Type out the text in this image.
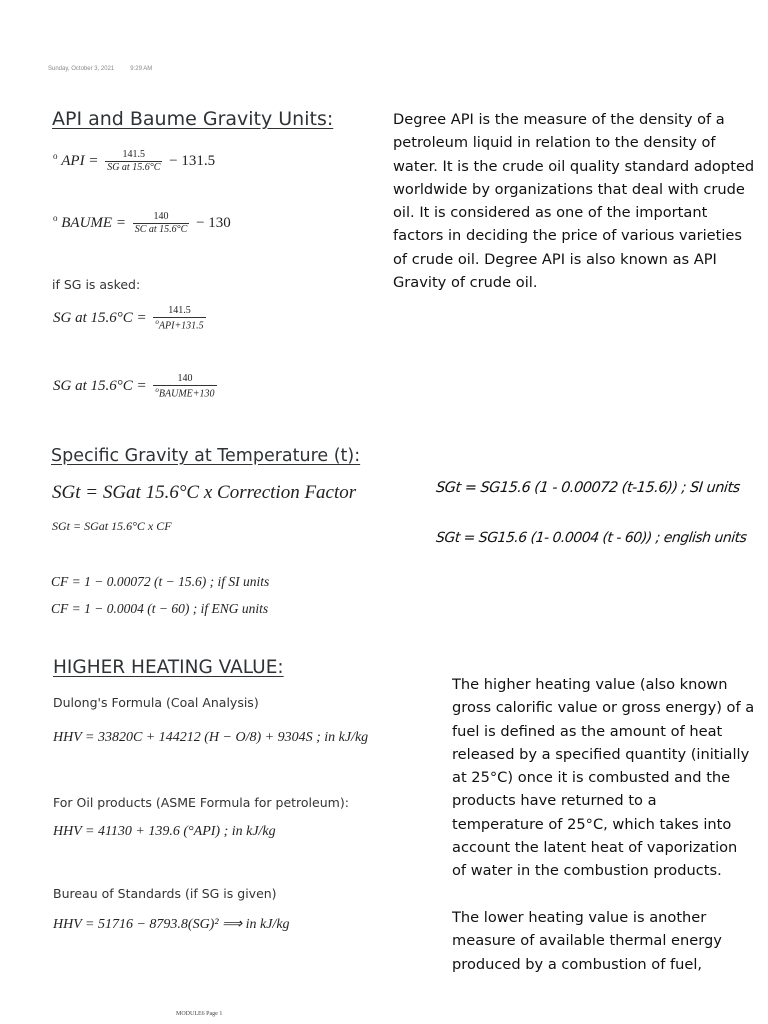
Sunday, October 3, 2021	9:29 AM
API and Baume Gravity Units:
$^o$ API = $\frac{141.5}{\text{SG at 15.6°C}} - 131.5$
$^o$ BAUME = $\frac{140}{\text{SC at 15.6°C}} - 130$
if SG is asked:
SG at $15.6^\circ C = \frac{141.5}{^oAPI+131.5}$
SG at $15.6^\circ C = \frac{140}{^oBAUME+130}$

Degree API is the measure of the density of a

petroleum liquid in relation to the density of

water. It is the crude oil quality standard adopted

worldwide by organizations that deal with crude

oil. It is considered as one of the important

factors in deciding the price of various varieties

of crude oil. Degree API is also known as API

Gravity of crude oil.

Specific Gravity at Temperature (t):
SGt = SGat 15.6°C x Correction Factor
SGt = SGat 15.6°C x CF
CF = 1 − 0.00072 (t − 15.6) ; if SI units
CF = 1 − 0.0004 (t − 60) ; if ENG units
SGt = SG15.6 (1 - 0.00072 (t-15.6)) ; SI units
SGt = SG15.6 (1- 0.0004 (t - 60)) ; english units
HIGHER HEATING VALUE:
Dulong's Formula (Coal Analysis)
HHV = 33820C + 144212 (H − O/8) + 9304S ; in kJ/kg
For Oil products (ASME Formula for petroleum):
HHV = 41130 + 139.6 (°API) ; in kJ/kg
Bureau of Standards (if SG is given)
HHV = 51716 − 8793.8(SG)² ⟹ in kJ/kg

The higher heating value (also known

gross calorific value or gross energy) of a

fuel is defined as the amount of heat

released by a specified quantity (initially

at 25°C) once it is combusted and the

products have returned to a

temperature of 25°C, which takes into

account the latent heat of vaporization

of water in the combustion products.

The lower heating value is another

measure of available thermal energy

produced by a combustion of fuel,

MODULE6 Page 1
